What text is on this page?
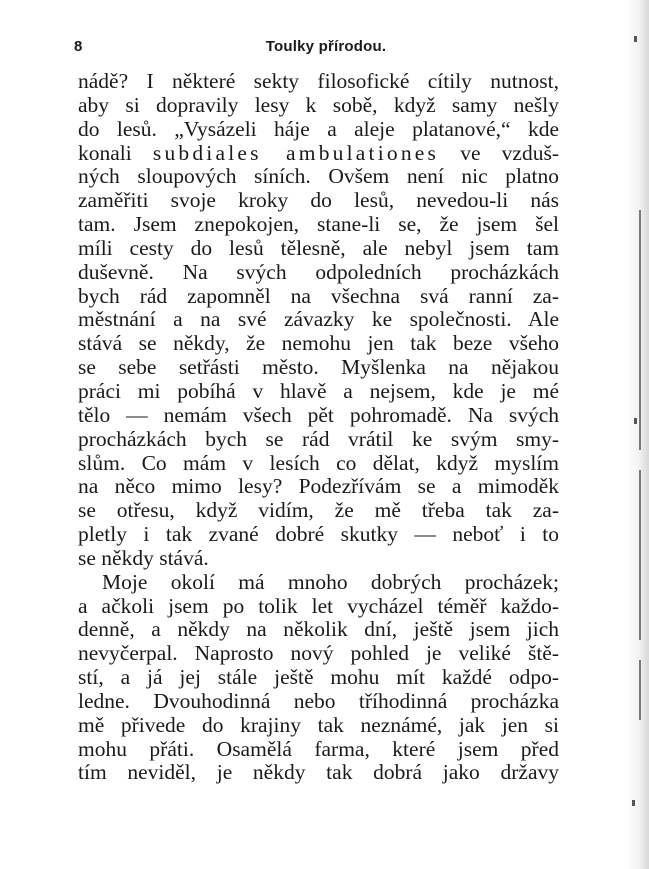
8	Toulky přírodou.
nádě? I některé sekty filosofické cítily nutnost,
aby si dopravily lesy k sobě, když samy nešly
do lesů. „Vysázeli háje a aleje platanové,“ kde
konali subdiales ambulationes ve vzduš-
ných sloupových síních. Ovšem není nic platno
zaměřiti svoje kroky do lesů, nevedou-li nás
tam. Jsem znepokojen, stane-li se, že jsem šel
míli cesty do lesů tělesně, ale nebyl jsem tam
duševně. Na svých odpoledních procházkách
bych rád zapomněl na všechna svá ranní za-
městnání a na své závazky ke společnosti. Ale
stává se někdy, že nemohu jen tak beze všeho
se sebe setřásti město. Myšlenka na nějakou
práci mi pobíhá v hlavě a nejsem, kde je mé
tělo — nemám všech pět pohromadě. Na svých
procházkách bych se rád vrátil ke svým smy-
slům. Co mám v lesích co dělat, když myslím
na něco mimo lesy? Podezřívám se a mimoděk
se otřesu, když vidím, že mě třeba tak za-
pletly i tak zvané dobré skutky — neboť i to
se někdy stává.
Moje okolí má mnoho dobrých procházek;
a ačkoli jsem po tolik let vycházel téměř každo-
denně, a někdy na několik dní, ještě jsem jich
nevyčerpal. Naprosto nový pohled je veliké ště-
stí, a já jej stále ještě mohu mít každé odpo-
ledne. Dvouhodinná nebo tříhodinná procházka
mě přivede do krajiny tak neznámé, jak jen si
mohu přáti. Osamělá farma, které jsem před
tím neviděl, je někdy tak dobrá jako državy
